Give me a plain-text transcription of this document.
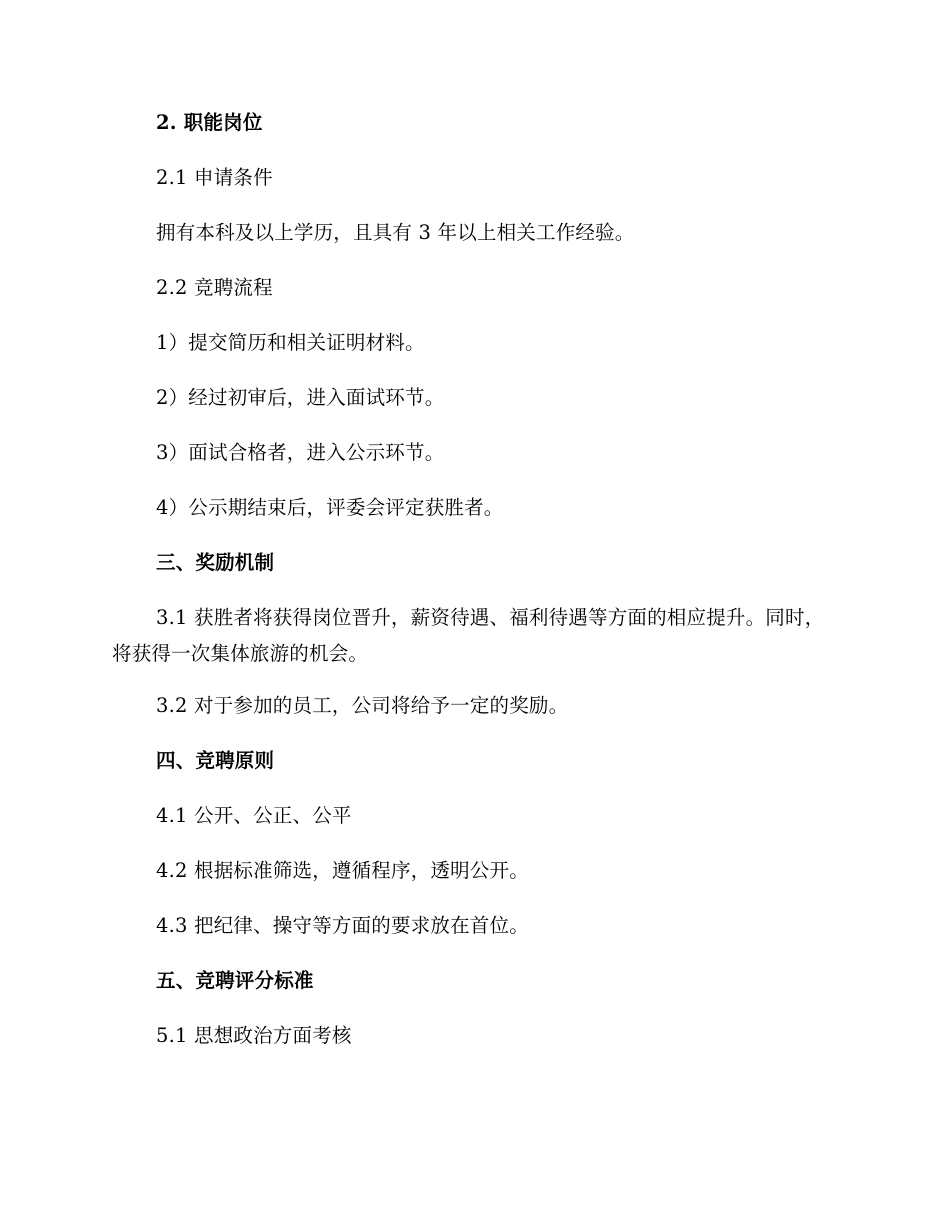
2. 职能岗位

2.1 申请条件

拥有本科及以上学历，且具有 3 年以上相关工作经验。

2.2 竞聘流程

1）提交简历和相关证明材料。

2）经过初审后，进入面试环节。

3）面试合格者，进入公示环节。

4）公示期结束后，评委会评定获胜者。

三、奖励机制

3.1 获胜者将获得岗位晋升，薪资待遇、福利待遇等方面的相应提升。同时，将获得一次集体旅游的机会。

3.2 对于参加的员工，公司将给予一定的奖励。

四、竞聘原则

4.1 公开、公正、公平

4.2 根据标准筛选，遵循程序，透明公开。

4.3 把纪律、操守等方面的要求放在首位。

五、竞聘评分标准

5.1 思想政治方面考核
